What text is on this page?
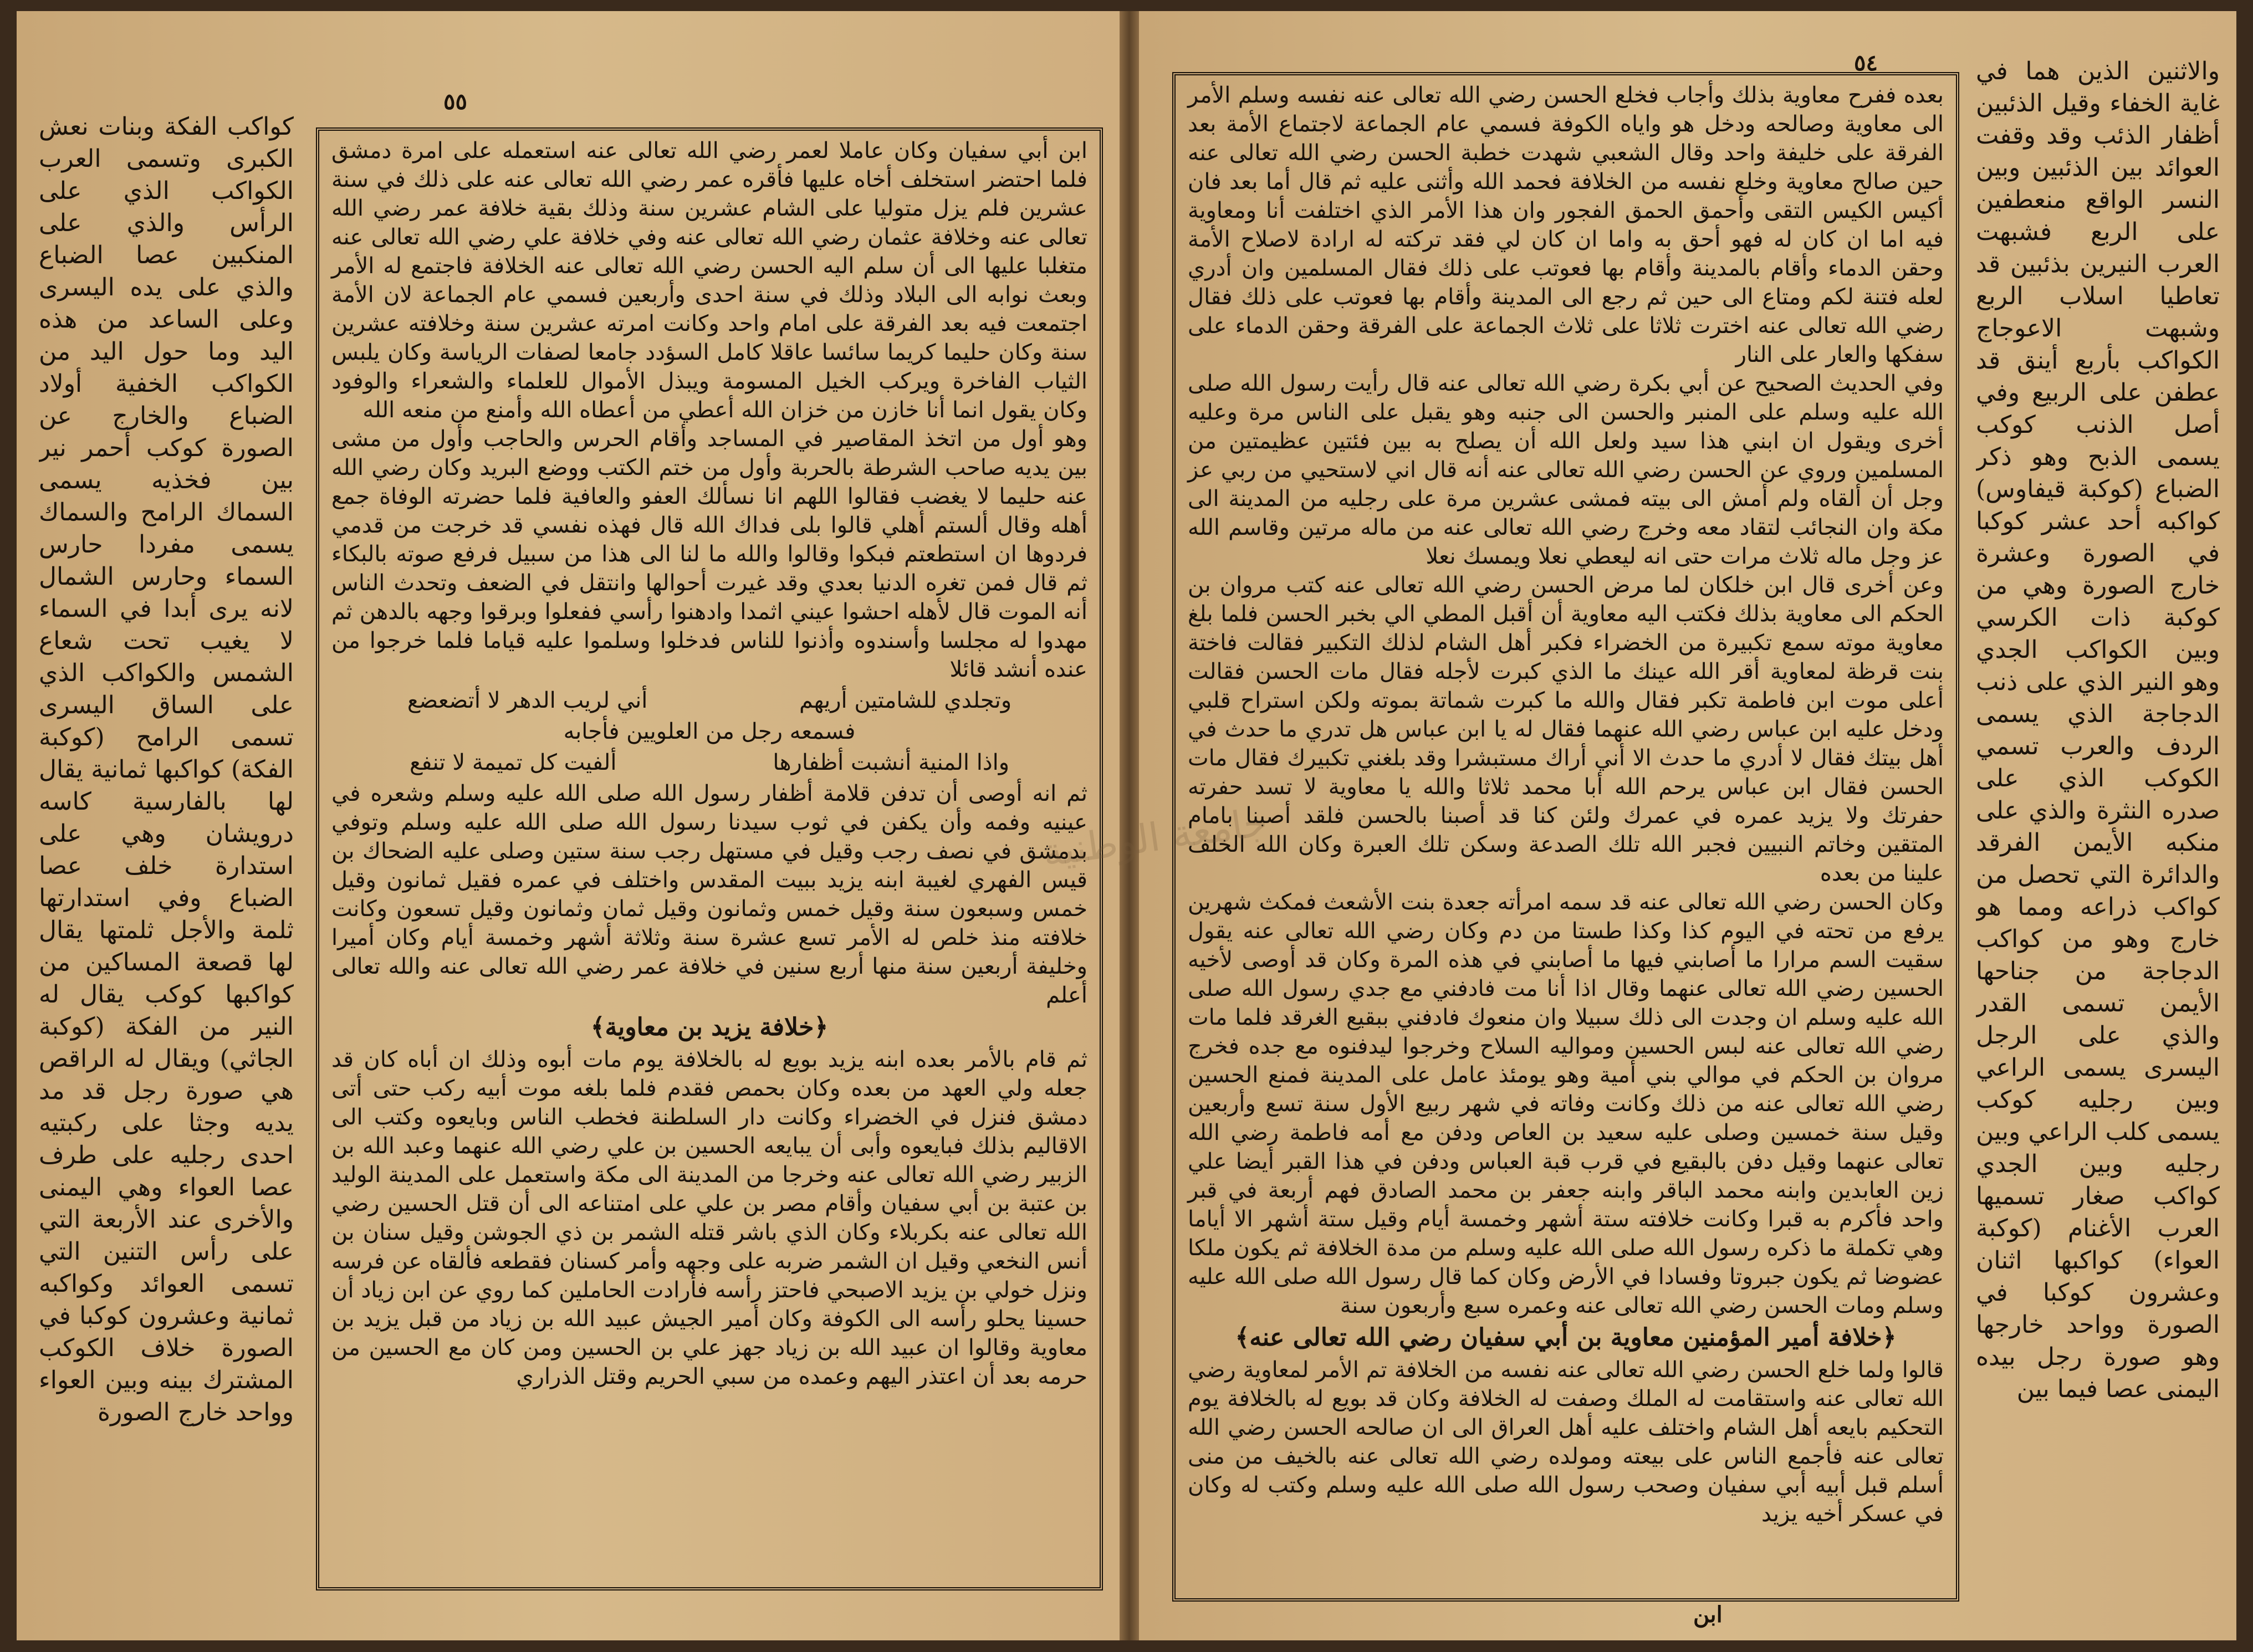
٥٥
كواكب الفكة وبنات نعش الكبرى وتسمى العرب الكواكب الذي على الرأس والذي على المنكبين عصا الضباع والذي على يده اليسرى وعلى الساعد من هذه اليد وما حول اليد من الكواكب الخفية أولاد الضباع والخارج عن الصورة كوكب أحمر نير بين فخذيه يسمى السماك الرامح والسماك يسمى مفردا حارس السماء وحارس الشمال لانه يرى أبدا في السماء لا يغيب تحت شعاع الشمس والكواكب الذي على الساق اليسرى تسمى الرامح (كوكبة الفكة) كواكبها ثمانية يقال لها بالفارسية كاسه درويشان وهي على استدارة خلف عصا الضباع وفي استدارتها ثلمة والأجل ثلمتها يقال لها قصعة المساكين من كواكبها كوكب يقال له النير من الفكة (كوكبة الجاثي) ويقال له الراقص هي صورة رجل قد مد يديه وجثا على ركبتيه احدى رجليه على طرف عصا العواء وهي اليمنى والأخرى عند الأربعة التي على رأس التنين التي تسمى العوائد وكواكبه ثمانية وعشرون كوكبا في الصورة خلاف الكوكب المشترك بينه وبين العواء وواحد خارج الصورة

ابن أبي سفيان وكان عاملا لعمر رضي الله تعالى عنه استعمله على امرة دمشق فلما احتضر استخلف أخاه عليها فأقره عمر رضي الله تعالى عنه على ذلك في سنة عشرين فلم يزل متوليا على الشام عشرين سنة وذلك بقية خلافة عمر رضي الله تعالى عنه وخلافة عثمان رضي الله تعالى عنه وفي خلافة علي رضي الله تعالى عنه متغلبا عليها الى أن سلم اليه الحسن رضي الله تعالى عنه الخلافة فاجتمع له الأمر وبعث نوابه الى البلاد وذلك في سنة احدى وأربعين فسمي عام الجماعة لان الأمة اجتمعت فيه بعد الفرقة على امام واحد وكانت امرته عشرين سنة وخلافته عشرين سنة وكان حليما كريما سائسا عاقلا كامل السؤدد جامعا لصفات الرياسة وكان يلبس الثياب الفاخرة ويركب الخيل المسومة ويبذل الأموال للعلماء والشعراء والوفود وكان يقول انما أنا خازن من خزان الله أعطي من أعطاه الله وأمنع من منعه الله

وهو أول من اتخذ المقاصير في المساجد وأقام الحرس والحاجب وأول من مشى بين يديه صاحب الشرطة بالحربة وأول من ختم الكتب ووضع البريد وكان رضي الله عنه حليما لا يغضب فقالوا اللهم انا نسألك العفو والعافية فلما حضرته الوفاة جمع أهله وقال ألستم أهلي قالوا بلى فداك الله قال فهذه نفسي قد خرجت من قدمي فردوها ان استطعتم فبكوا وقالوا والله ما لنا الى هذا من سبيل فرفع صوته بالبكاء ثم قال فمن تغره الدنيا بعدي وقد غيرت أحوالها وانتقل في الضعف وتحدث الناس أنه الموت قال لأهله احشوا عيني اثمدا وادهنوا رأسي ففعلوا وبرقوا وجهه بالدهن ثم مهدوا له مجلسا وأسندوه وأذنوا للناس فدخلوا وسلموا عليه قياما فلما خرجوا من عنده أنشد قائلا

وتجلدي للشامتين أريهم
أني لريب الدهر لا أتضعضع

فسمعه رجل من العلويين فأجابه

واذا المنية أنشبت أظفارها
ألفيت كل تميمة لا تنفع

ثم انه أوصى أن تدفن قلامة أظفار رسول الله صلى الله عليه وسلم وشعره في عينيه وفمه وأن يكفن في ثوب سيدنا رسول الله صلى الله عليه وسلم وتوفي بدمشق في نصف رجب وقيل في مستهل رجب سنة ستين وصلى عليه الضحاك بن قيس الفهري لغيبة ابنه يزيد ببيت المقدس واختلف في عمره فقيل ثمانون وقيل خمس وسبعون سنة وقيل خمس وثمانون وقيل ثمان وثمانون وقيل تسعون وكانت خلافته منذ خلص له الأمر تسع عشرة سنة وثلاثة أشهر وخمسة أيام وكان أميرا وخليفة أربعين سنة منها أربع سنين في خلافة عمر رضي الله تعالى عنه والله تعالى أعلم

﴿خلافة يزيد بن معاوية﴾

ثم قام بالأمر بعده ابنه يزيد بويع له بالخلافة يوم مات أبوه وذلك ان أباه كان قد جعله ولي العهد من بعده وكان بحمص فقدم فلما بلغه موت أبيه ركب حتى أتى دمشق فنزل في الخضراء وكانت دار السلطنة فخطب الناس وبايعوه وكتب الى الاقاليم بذلك فبايعوه وأبى أن يبايعه الحسين بن علي رضي الله عنهما وعبد الله بن الزبير رضي الله تعالى عنه وخرجا من المدينة الى مكة واستعمل على المدينة الوليد بن عتبة بن أبي سفيان وأقام مصر بن علي على امتناعه الى أن قتل الحسين رضي الله تعالى عنه بكربلاء وكان الذي باشر قتله الشمر بن ذي الجوشن وقيل سنان بن أنس النخعي وقيل ان الشمر ضربه على وجهه وأمر كسنان فقطعه فألقاه عن فرسه ونزل خولي بن يزيد الاصبحي فاحتز رأسه فأرادت الحاملين كما روي عن ابن زياد أن حسينا يحلو رأسه الى الكوفة وكان أمير الجيش عبيد الله بن زياد من قبل يزيد بن معاوية وقالوا ان عبيد الله بن زياد جهز علي بن الحسين ومن كان مع الحسين من حرمه بعد أن اعتذر اليهم وعمده من سبي الحريم وقتل الذراري

٥٤

بعده ففرح معاوية بذلك وأجاب فخلع الحسن رضي الله تعالى عنه نفسه وسلم الأمر الى معاوية وصالحه ودخل هو واياه الكوفة فسمي عام الجماعة لاجتماع الأمة بعد الفرقة على خليفة واحد وقال الشعبي شهدت خطبة الحسن رضي الله تعالى عنه حين صالح معاوية وخلع نفسه من الخلافة فحمد الله وأثنى عليه ثم قال أما بعد فان أكيس الكيس التقى وأحمق الحمق الفجور وان هذا الأمر الذي اختلفت أنا ومعاوية فيه اما ان كان له فهو أحق به واما ان كان لي فقد تركته له ارادة لاصلاح الأمة وحقن الدماء وأقام بالمدينة وأقام بها فعوتب على ذلك فقال المسلمين وان أدري لعله فتنة لكم ومتاع الى حين ثم رجع الى المدينة وأقام بها فعوتب على ذلك فقال رضي الله تعالى عنه اخترت ثلاثا على ثلاث الجماعة على الفرقة وحقن الدماء على سفكها والعار على النار

وفي الحديث الصحيح عن أبي بكرة رضي الله تعالى عنه قال رأيت رسول الله صلى الله عليه وسلم على المنبر والحسن الى جنبه وهو يقبل على الناس مرة وعليه أخرى ويقول ان ابني هذا سيد ولعل الله أن يصلح به بين فئتين عظيمتين من المسلمين وروي عن الحسن رضي الله تعالى عنه أنه قال اني لاستحيي من ربي عز وجل أن ألقاه ولم أمش الى بيته فمشى عشرين مرة على رجليه من المدينة الى مكة وان النجائب لتقاد معه وخرج رضي الله تعالى عنه من ماله مرتين وقاسم الله عز وجل ماله ثلاث مرات حتى انه ليعطي نعلا ويمسك نعلا

وعن أخرى قال ابن خلكان لما مرض الحسن رضي الله تعالى عنه كتب مروان بن الحكم الى معاوية بذلك فكتب اليه معاوية أن أقبل المطي الي بخبر الحسن فلما بلغ معاوية موته سمع تكبيرة من الخضراء فكبر أهل الشام لذلك التكبير فقالت فاختة بنت قرظة لمعاوية أقر الله عينك ما الذي كبرت لأجله فقال مات الحسن فقالت أعلى موت ابن فاطمة تكبر فقال والله ما كبرت شماتة بموته ولكن استراح قلبي ودخل عليه ابن عباس رضي الله عنهما فقال له يا ابن عباس هل تدري ما حدث في أهل بيتك فقال لا أدري ما حدث الا أني أراك مستبشرا وقد بلغني تكبيرك فقال مات الحسن فقال ابن عباس يرحم الله أبا محمد ثلاثا والله يا معاوية لا تسد حفرته حفرتك ولا يزيد عمره في عمرك ولئن كنا قد أصبنا بالحسن فلقد أصبنا بامام المتقين وخاتم النبيين فجبر الله تلك الصدعة وسكن تلك العبرة وكان الله الخلف علينا من بعده

وكان الحسن رضي الله تعالى عنه قد سمه امرأته جعدة بنت الأشعث فمكث شهرين يرفع من تحته في اليوم كذا وكذا طستا من دم وكان رضي الله تعالى عنه يقول سقيت السم مرارا ما أصابني فيها ما أصابني في هذه المرة وكان قد أوصى لأخيه الحسين رضي الله تعالى عنهما وقال اذا أنا مت فادفني مع جدي رسول الله صلى الله عليه وسلم ان وجدت الى ذلك سبيلا وان منعوك فادفني ببقيع الغرقد فلما مات رضي الله تعالى عنه لبس الحسين ومواليه السلاح وخرجوا ليدفنوه مع جده فخرج مروان بن الحكم في موالي بني أمية وهو يومئذ عامل على المدينة فمنع الحسين رضي الله تعالى عنه من ذلك وكانت وفاته في شهر ربيع الأول سنة تسع وأربعين وقيل سنة خمسين وصلى عليه سعيد بن العاص ودفن مع أمه فاطمة رضي الله تعالى عنهما وقيل دفن بالبقيع في قرب قبة العباس ودفن في هذا القبر أيضا علي زين العابدين وابنه محمد الباقر وابنه جعفر بن محمد الصادق فهم أربعة في قبر واحد فأكرم به قبرا وكانت خلافته ستة أشهر وخمسة أيام وقيل ستة أشهر الا أياما وهي تكملة ما ذكره رسول الله صلى الله عليه وسلم من مدة الخلافة ثم يكون ملكا عضوضا ثم يكون جبروتا وفسادا في الأرض وكان كما قال رسول الله صلى الله عليه وسلم ومات الحسن رضي الله تعالى عنه وعمره سبع وأربعون سنة

﴿خلافة أمير المؤمنين معاوية بن أبي سفيان رضي الله تعالى عنه﴾

قالوا ولما خلع الحسن رضي الله تعالى عنه نفسه من الخلافة تم الأمر لمعاوية رضي الله تعالى عنه واستقامت له الملك وصفت له الخلافة وكان قد بويع له بالخلافة يوم التحكيم بايعه أهل الشام واختلف عليه أهل العراق الى ان صالحه الحسن رضي الله تعالى عنه فأجمع الناس على بيعته ومولده رضي الله تعالى عنه بالخيف من منى أسلم قبل أبيه أبي سفيان وصحب رسول الله صلى الله عليه وسلم وكتب له وكان في عسكر أخيه يزيد

ابن
والاثنين الذين هما في غاية الخفاء وقيل الذئبين أظفار الذئب وقد وقفت العوائد بين الذئبين وبين النسر الواقع منعطفين على الربع فشبهت العرب النيرين بذئبين قد تعاطيا اسلاب الربع وشبهت الاعوجاج الكواكب بأربع أينق قد عطفن على الربيع وفي أصل الذنب كوكب يسمى الذبح وهو ذكر الضباع (كوكبة قيفاوس) كواكبه أحد عشر كوكبا في الصورة وعشرة خارج الصورة وهي من كوكبة ذات الكرسي وبين الكواكب الجدي وهو النير الذي على ذنب الدجاجة الذي يسمى الردف والعرب تسمي الكوكب الذي على صدره النثرة والذي على منكبه الأيمن الفرقد والدائرة التي تحصل من كواكب ذراعه ومما هو خارج وهو من كواكب الدجاجة من جناحها الأيمن تسمى القدر والذي على الرجل اليسرى يسمى الراعي وبين رجليه كوكب يسمى كلب الراعي وبين رجليه وبين الجدي كواكب صغار تسميها العرب الأغنام (كوكبة العواء) كواكبها اثنان وعشرون كوكبا في الصورة وواحد خارجها وهو صورة رجل بيده اليمنى عصا فيما بين
جامعة الوطنية
